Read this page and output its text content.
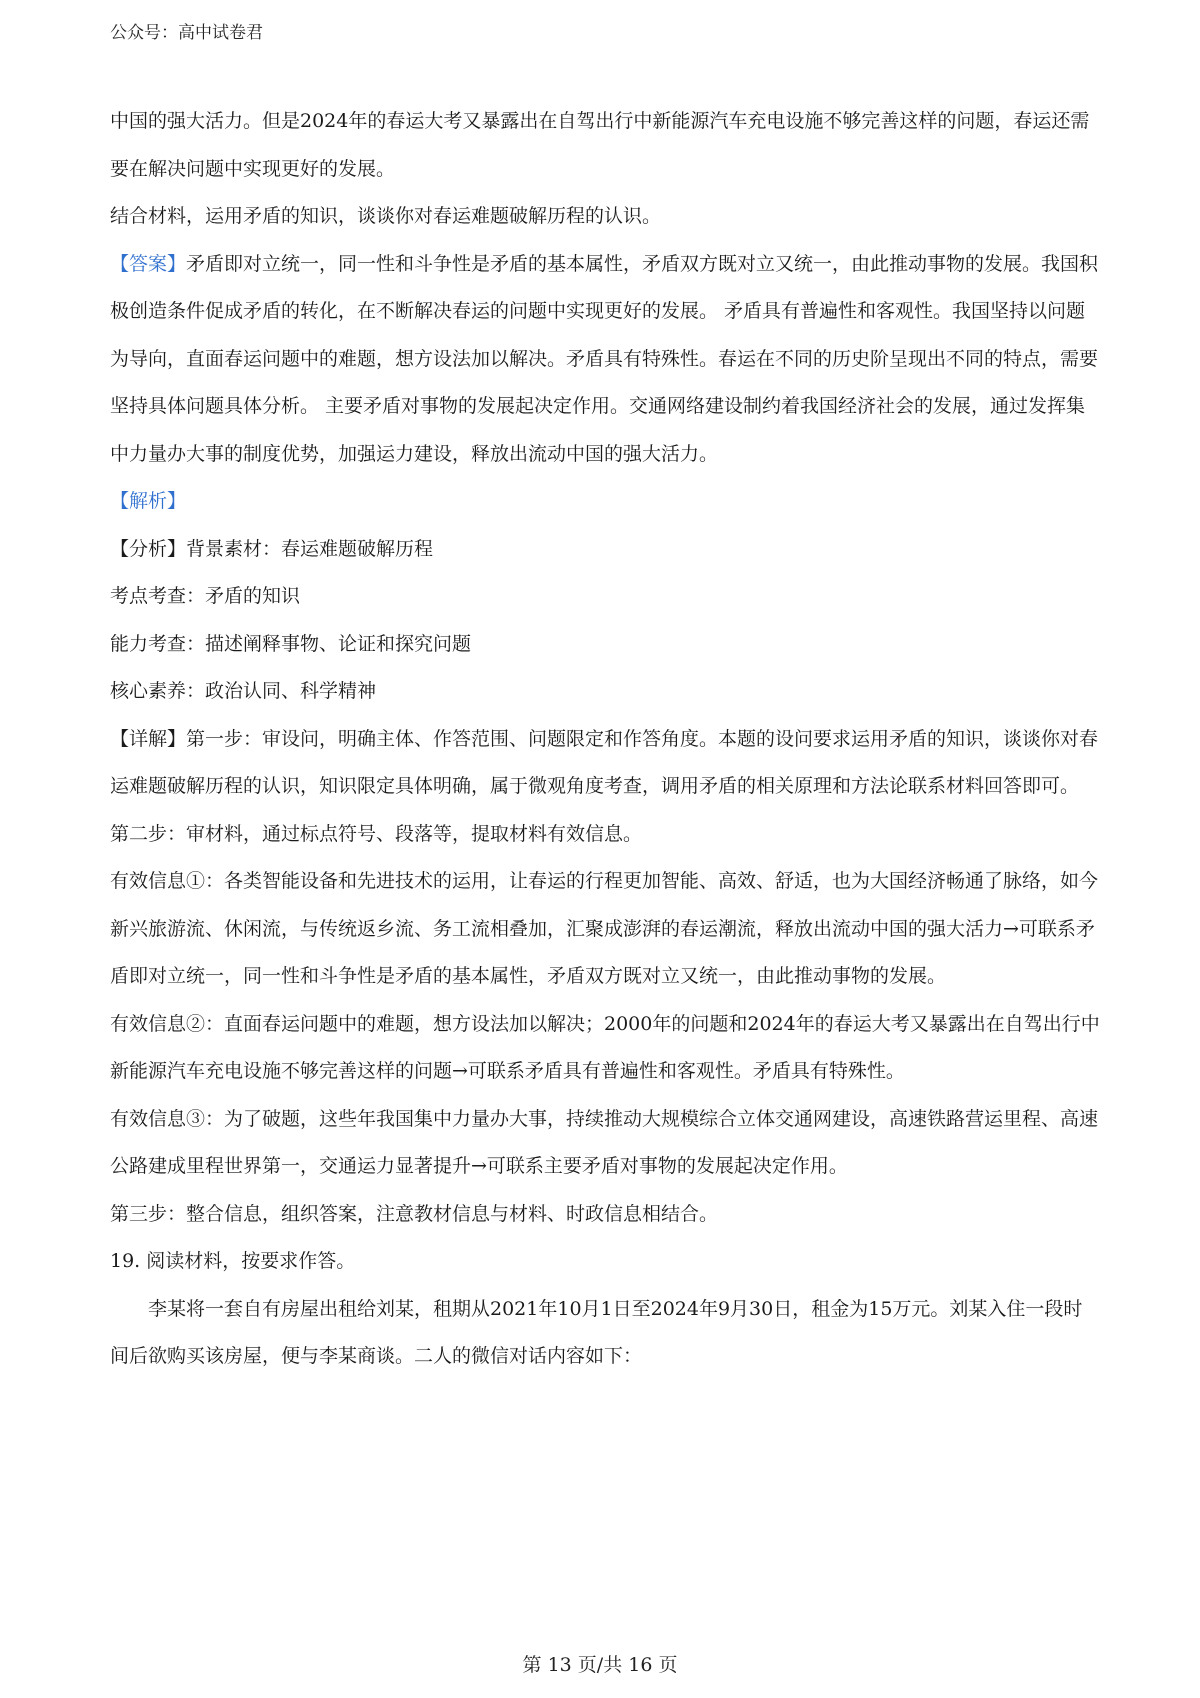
公众号：高中试卷君

中国的强大活力。但是2024年的春运大考又暴露出在自驾出行中新能源汽车充电设施不够完善这样的问题，春运还需要在解决问题中实现更好的发展。

结合材料，运用矛盾的知识，谈谈你对春运难题破解历程的认识。

【答案】矛盾即对立统一，同一性和斗争性是矛盾的基本属性，矛盾双方既对立又统一，由此推动事物的发展。我国积极创造条件促成矛盾的转化，在不断解决春运的问题中实现更好的发展。 矛盾具有普遍性和客观性。我国坚持以问题为导向，直面春运问题中的难题，想方设法加以解决。矛盾具有特殊性。春运在不同的历史阶呈现出不同的特点，需要坚持具体问题具体分析。 主要矛盾对事物的发展起决定作用。交通网络建设制约着我国经济社会的发展，通过发挥集中力量办大事的制度优势，加强运力建设，释放出流动中国的强大活力。

【解析】

【分析】背景素材：春运难题破解历程

考点考查：矛盾的知识

能力考查：描述阐释事物、论证和探究问题

核心素养：政治认同、科学精神

【详解】第一步：审设问，明确主体、作答范围、问题限定和作答角度。本题的设问要求运用矛盾的知识，谈谈你对春运难题破解历程的认识，知识限定具体明确，属于微观角度考查，调用矛盾的相关原理和方法论联系材料回答即可。

第二步：审材料，通过标点符号、段落等，提取材料有效信息。

有效信息①：各类智能设备和先进技术的运用，让春运的行程更加智能、高效、舒适，也为大国经济畅通了脉络，如今新兴旅游流、休闲流，与传统返乡流、务工流相叠加，汇聚成澎湃的春运潮流，释放出流动中国的强大活力→可联系矛盾即对立统一，同一性和斗争性是矛盾的基本属性，矛盾双方既对立又统一，由此推动事物的发展。

有效信息②：直面春运问题中的难题，想方设法加以解决；2000年的问题和2024年的春运大考又暴露出在自驾出行中新能源汽车充电设施不够完善这样的问题→可联系矛盾具有普遍性和客观性。矛盾具有特殊性。

有效信息③：为了破题，这些年我国集中力量办大事，持续推动大规模综合立体交通网建设，高速铁路营运里程、高速公路建成里程世界第一，交通运力显著提升→可联系主要矛盾对事物的发展起决定作用。

第三步：整合信息，组织答案，注意教材信息与材料、时政信息相结合。

19. 阅读材料，按要求作答。

李某将一套自有房屋出租给刘某，租期从2021年10月1日至2024年9月30日，租金为15万元。刘某入住一段时间后欲购买该房屋，便与李某商谈。二人的微信对话内容如下：

第 13 页/共 16 页
